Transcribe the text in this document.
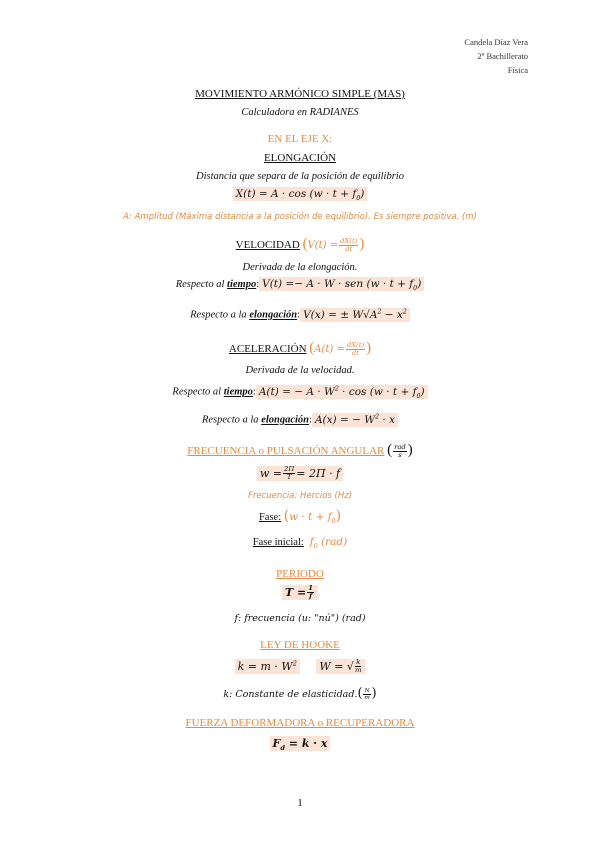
Candela Díaz Vera
2º Bachillerato
Física
MOVIMIENTO ARMÓNICO SIMPLE (MAS)
Calculadora en RADIANES
EN EL EJE X:
ELONGACIÓN
Distancia que separa de la posición de equilibrio
$X(t) = A \cdot \cos (w \cdot t + f_0)$
A: Amplitud (Máxima distancia a la posición de equilibrio). Es siempre positiva. (m)
VELOCIDAD ($V(t) = \frac{dX(t)}{dt}$ )
Derivada de la elongación.
Respecto al tiempo: V(t) =− A · W · sen $(w \cdot t + f_0)$
Respecto a la elongación: V(x) = ± $W√A^2 - x^2$
ACELERACIÓN ($A(t) = \frac{dX(t)}{dt}$ )
Derivada de la velocidad.
Respecto al tiempo: A(t) = − $A \cdot W^2 \cdot \cos (w \cdot t + f_0)$
Respecto a la elongación: A(x) = − $W^2 \cdot x$
FRECUENCIA o PULSACIÓN ANGULAR ( $\frac{\text{rad}}{s}$ )
$w = \frac{2\Pi}{T} = 2\Pi \cdot f$
Frecuencia: Hercios (Hz)
Fase: $(w \cdot t + f_0)$
Fase inicial: $f_0$ (rad)
PERIODO
$T = \frac{1}{f}$
f: frecuencia (u: "nú") (rad)
LEY DE HOOKE
$k = m \cdot W^2$ W = √ $\frac{k}{m}$
k: Constante de elasticidad.( $\frac{N}{m}$ )
FUERZA DEFORMADORA o RECUPERADORA
$F_d = k \cdot x$
1
